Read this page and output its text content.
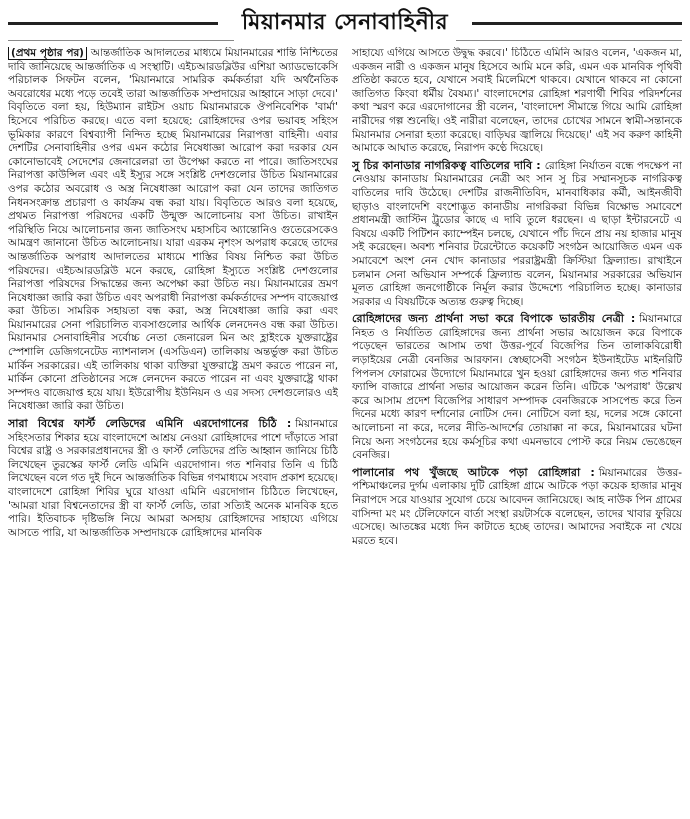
মিয়ানমার সেনাবাহিনীর

(প্রথম পৃষ্ঠার পর) আন্তর্জাতিক আদালতের মাধ্যমে মিয়ানমারের শান্তি নিশ্চিতের দাবি জানিয়েছে আন্তর্জাতিক এ সংস্থাটি। এইচআরডব্লিউর এশিয়া অ্যাডভোকেসি পরিচালক সিফটন বলেন, 'মিয়ানমারে সামরিক কর্মকর্তারা যদি অর্থনৈতিক অবরোধের মধ্যে পড়ে তবেই তারা আন্তর্জাতিক সম্প্রদায়ের আহ্বানে সাড়া দেবে।' বিবৃতিতে বলা হয়, হিউম্যান রাইটস ওয়াচ মিয়ানমারকে ঔপনিবেশিক 'বার্মা' হিসেবে পরিচিত করছে। এতে বলা হয়েছে: রোহিঙ্গাদের ওপর ভয়াবহ সহিংস ভূমিকার কারণে বিশ্বব্যাপী নিন্দিত হচ্ছে মিয়ানমারের নিরাপত্তা বাহিনী। এবার দেশটির সেনাবাহিনীর ওপর এমন কঠোর নিষেধাজ্ঞা আরোপ করা দরকার যেন কোনোভাবেই সেদেশের জেনারেলরা তা উপেক্ষা করতে না পারে। জাতিসংঘের নিরাপত্তা কাউন্সিল এবং এই ইস্যুর সঙ্গে সংশ্লিষ্ট দেশগুলোর উচিত মিয়ানমারের ওপর কঠোর অবরোধ ও অস্ত্র নিষেধাজ্ঞা আরোপ করা যেন তাদের জাতিগত নিধনসংক্রান্ত প্রচারণা ও কার্যক্রম বন্ধ করা যায়। বিবৃতিতে আরও বলা হয়েছে, প্রথমত নিরাপত্তা পরিষদের একটি উন্মুক্ত আলোচনায় বসা উচিত। রাখাইন পরিস্থিতি নিয়ে আলোচনার জন্য জাতিসংঘ মহাসচিব অ্যান্তোনিও গুতেরেসকেও আমন্ত্রণ জানানো উচিত আলোচনায়। যারা এরকম নৃশংস অপরাধ করেছে তাদের আন্তর্জাতিক অপরাধ আদালতের মাধ্যমে শাস্তির বিষয় নিশ্চিত করা উচিত পরিষদের। এইচআরডব্লিউ মনে করছে, রোহিঙ্গা ইস্যুতে সংশ্লিষ্ট দেশগুলোর নিরাপত্তা পরিষদের সিদ্ধান্তের জন্য অপেক্ষা করা উচিত নয়। মিয়ানমারের ভ্রমণ নিষেধাজ্ঞা জারি করা উচিত এবং অপরাধী নিরাপত্তা কর্মকর্তাদের সম্পদ বাজেয়াপ্ত করা উচিত। সামরিক সহায়তা বন্ধ করা, অস্ত্র নিষেধাজ্ঞা জারি করা এবং মিয়ানমারের সেনা পরিচালিত ব্যবসাগুলোর আর্থিক লেনদেনও বন্ধ করা উচিত। মিয়ানমার সেনাবাহিনীর সর্বোচ্চ নেতা জেনারেল মিন অং হ্লাইংকে যুক্তরাষ্ট্রের স্পেশালি ডেজিগনেটেড ন্যাশনালস (এসডিএন) তালিকায় অন্তর্ভুক্ত করা উচিত মার্কিন সরকারের। এই তালিকায় থাকা ব্যক্তিরা যুক্তরাষ্ট্রে ভ্রমণ করতে পারেন না, মার্কিন কোনো প্রতিষ্ঠানের সঙ্গে লেনদেন করতে পারেন না এবং যুক্তরাষ্ট্রে থাকা সম্পদও বাজেয়াপ্ত হয়ে যায়। ইউরোপীয় ইউনিয়ন ও এর সদস্য দেশগুলোরও এই নিষেধাজ্ঞা জারি করা উচিত।

সারা বিশ্বের ফার্স্ট লেডিদের এমিনি এরদোগানের চিঠি : মিয়ানমারে সহিংসতার শিকার হয়ে বাংলাদেশে আশ্রয় নেওয়া রোহিঙ্গাদের পাশে দাঁড়াতে সারা বিশ্বের রাষ্ট্র ও সরকারপ্রধানদের স্ত্রী ও ফার্স্ট লেডিদের প্রতি আহ্বান জানিয়ে চিঠি লিখেছেন তুরস্কের ফার্স্ট লেডি এমিনি এরদোগান। গত শনিবার তিনি এ চিঠি লিখেছেন বলে গত দুই দিনে আন্তর্জাতিক বিভিন্ন গণমাধ্যমে সংবাদ প্রকাশ হয়েছে। বাংলাদেশে রোহিঙ্গা শিবির ঘুরে যাওয়া এমিনি এরদোগান চিঠিতে লিখেছেন, 'আমরা যারা বিশ্বনেতাদের স্ত্রী বা ফার্স্ট লেডি, তারা সত্যিই অনেক মানবিক হতে পারি। ইতিবাচক দৃষ্টিভঙ্গি নিয়ে আমরা অসহায় রোহিঙ্গাদের সাহায্যে এগিয়ে আসতে পারি, যা আন্তর্জাতিক সম্প্রদায়কে রোহিঙ্গাদের মানবিক

সাহায্যে এগিয়ে আসতে উদ্বুদ্ধ করবে।' চিঠিতে এমিনি আরও বলেন, 'একজন মা, একজন নারী ও একজন মানুষ হিসেবে আমি মনে করি, এমন এক মানবিক পৃথিবী প্রতিষ্ঠা করতে হবে, যেখানে সবাই মিলেমিশে থাকবে। যেখানে থাকবে না কোনো জাতিগত কিংবা ধর্মীয় বৈষম্য।' বাংলাদেশের রোহিঙ্গা শরণার্থী শিবির পরিদর্শনের কথা স্মরণ করে এরদোগানের স্ত্রী বলেন, 'বাংলাদেশ সীমান্তে গিয়ে আমি রোহিঙ্গা নারীদের গল্প শুনেছি। ওই নারীরা বলেছেন, তাদের চোখের সামনে স্বামী-সন্তানকে মিয়ানমার সেনারা হত্যা করেছে। বাড়িঘর জ্বালিয়ে দিয়েছে।' এই সব করুণ কাহিনী আমাকে আঘাত করেছে, নিরাপদ কণ্ঠে দিয়েছে।

সু চির কানাডার নাগরিকত্ব বাতিলের দাবি : রোহিঙ্গা নির্যাতন বন্ধে পদক্ষেপ না নেওয়ায় কানাডায় মিয়ানমারের নেত্রী অং সান সু চির সম্মানসূচক নাগরিকত্ব বাতিলের দাবি উঠেছে। দেশটির রাজনীতিবিদ, মানবাধিকার কর্মী, আইনজীবী ছাড়াও বাংলাদেশি বংশোদ্ভূত কানাডীয় নাগরিকরা বিভিন্ন বিক্ষোভ সমাবেশে প্রধানমন্ত্রী জাস্টিন ট্রুডোর কাছে এ দাবি তুলে ধরছেন। এ ছাড়া ইন্টারনেটে এ বিষয়ে একটি পিটিশন ক্যাম্পেইন চলছে, যেখানে পাঁচ দিনে প্রায় নয় হাজার মানুষ সই করেছেন। অবশ্য শনিবার টরেন্টোতে কয়েকটি সংগঠন আয়োজিত এমন এক সমাবেশে অংশ নেন খোদ কানাডার পররাষ্ট্রমন্ত্রী ক্রিস্টিয়া ফ্রিল্যান্ড। রাখাইনে চলমান সেনা অভিযান সম্পর্কে ফ্রিল্যান্ড বলেন, মিয়ানমার সরকারের অভিযান মূলত রোহিঙ্গা জনগোষ্ঠীকে নির্মূল করার উদ্দেশ্যে পরিচালিত হচ্ছে। কানাডার সরকার এ বিষয়টিকে অত্যন্ত গুরুত্ব দিচ্ছে।

রোহিঙ্গাদের জন্য প্রার্থনা সভা করে বিপাকে ভারতীয় নেত্রী : মিয়ানমারে নিহত ও নির্যাতিত রোহিঙ্গাদের জন্য প্রার্থনা সভার আয়োজন করে বিপাকে পড়েছেন ভারতের আসাম তথা উত্তর-পূর্বে বিজেপির তিন তালাকবিরোধী লড়াইয়ের নেত্রী বেনজির আরফান। স্বেচ্ছাসেবী সংগঠন ইউনাইটেড মাইনরিটি পিপলস ফোরামের উদ্যোগে মিয়ানমারে খুন হওয়া রোহিঙ্গাদের জন্য গত শনিবার ফ্যান্সি বাজারে প্রার্থনা সভার আয়োজন করেন তিনি। এটিকে 'অপরাধ' উল্লেখ করে আসাম প্রদেশ বিজেপির সাধারণ সম্পাদক বেনজিরকে সাসপেন্ড করে তিন দিনের মধ্যে কারণ দর্শানোর নোটিস দেন। নোটিসে বলা হয়, দলের সঙ্গে কোনো আলোচনা না করে, দলের নীতি-আদর্শের তোয়াক্কা না করে, মিয়ানমারের ঘটনা নিয়ে অন্য সংগঠনের হয়ে কর্মসূচির কথা এমনভাবে পোস্ট করে নিয়ম ভেঙেছেন বেনজির।

পালানোর পথ খুঁজছে আটকে পড়া রোহিঙ্গারা : মিয়ানমারের উত্তর-পশ্চিমাঞ্চলের দুর্গম এলাকায় দুটি রোহিঙ্গা গ্রামে আটকে পড়া কয়েক হাজার মানুষ নিরাপদে সরে যাওয়ার সুযোগ চেয়ে আবেদন জানিয়েছে। আহ নাউক পিন গ্রামের বাসিন্দা মং মং টেলিফোনে বার্তা সংস্থা রয়টার্সকে বলেছেন, তাদের খাবার ফুরিয়ে এসেছে। আতঙ্কের মধ্যে দিন কাটাতে হচ্ছে তাদের। আমাদের সবাইকে না খেয়ে মরতে হবে।
